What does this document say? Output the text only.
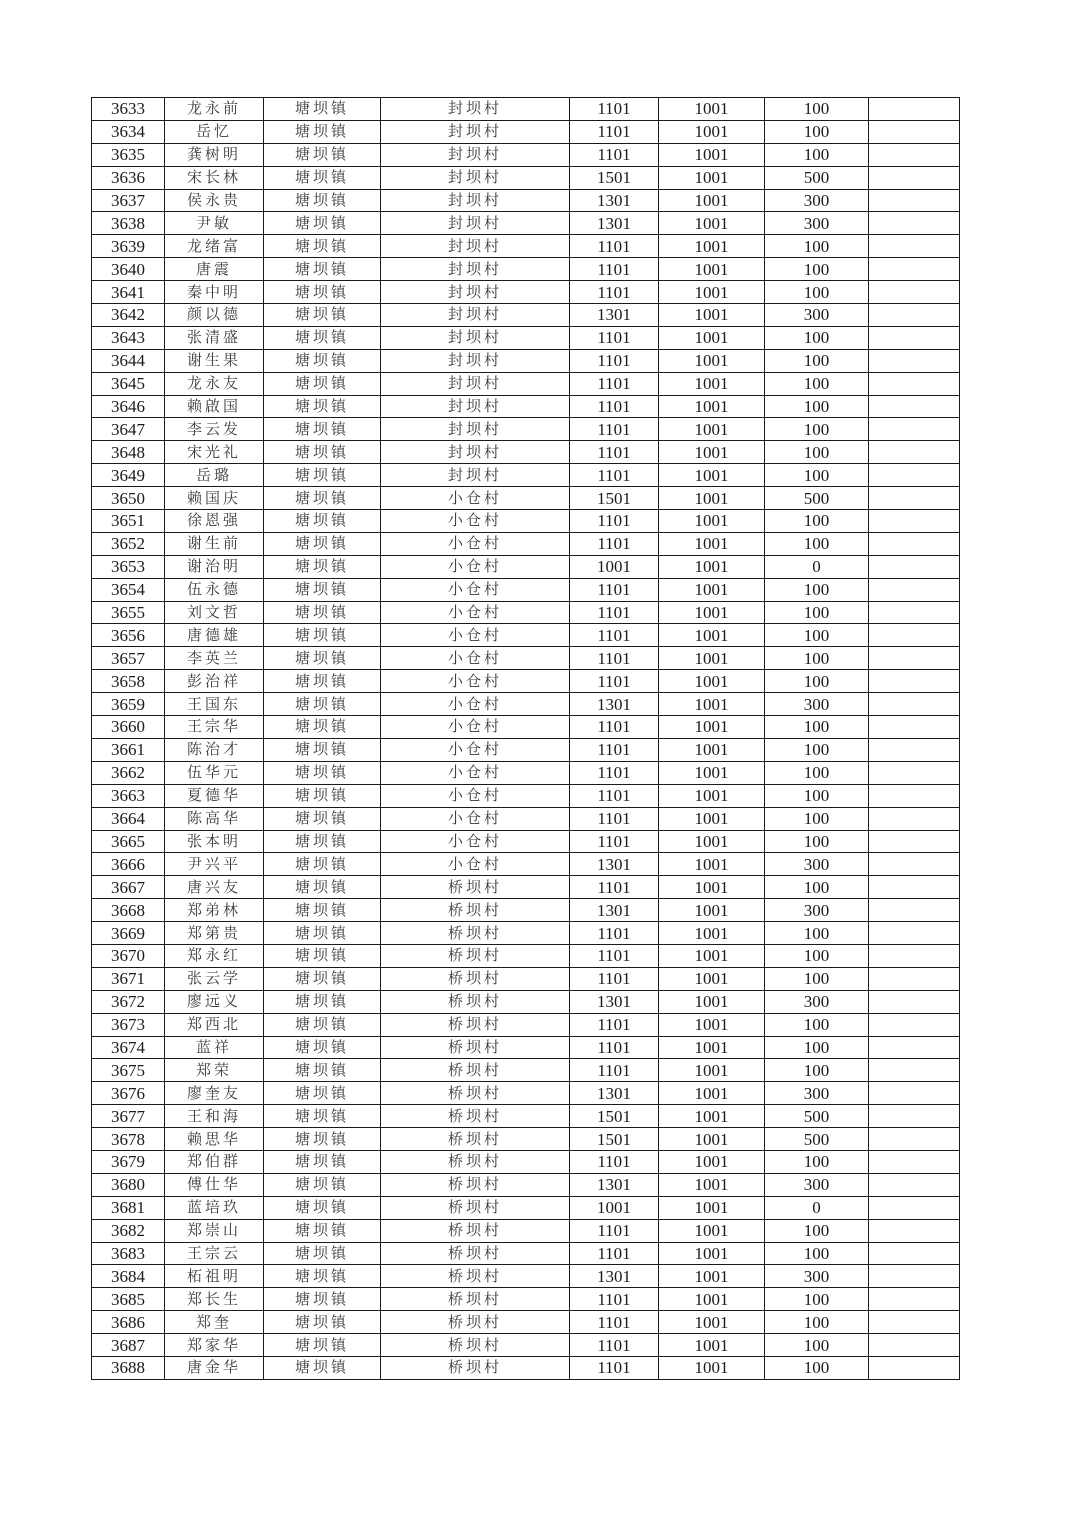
3633	龙永前	塘坝镇	封坝村	1101	1001	100	
3634	岳忆	塘坝镇	封坝村	1101	1001	100	
3635	龚树明	塘坝镇	封坝村	1101	1001	100	
3636	宋长林	塘坝镇	封坝村	1501	1001	500	
3637	侯永贵	塘坝镇	封坝村	1301	1001	300	
3638	尹敏	塘坝镇	封坝村	1301	1001	300	
3639	龙绪富	塘坝镇	封坝村	1101	1001	100	
3640	唐震	塘坝镇	封坝村	1101	1001	100	
3641	秦中明	塘坝镇	封坝村	1101	1001	100	
3642	颜以德	塘坝镇	封坝村	1301	1001	300	
3643	张清盛	塘坝镇	封坝村	1101	1001	100	
3644	谢生果	塘坝镇	封坝村	1101	1001	100	
3645	龙永友	塘坝镇	封坝村	1101	1001	100	
3646	赖啟国	塘坝镇	封坝村	1101	1001	100	
3647	李云发	塘坝镇	封坝村	1101	1001	100	
3648	宋光礼	塘坝镇	封坝村	1101	1001	100	
3649	岳璐	塘坝镇	封坝村	1101	1001	100	
3650	赖国庆	塘坝镇	小仓村	1501	1001	500	
3651	徐恩强	塘坝镇	小仓村	1101	1001	100	
3652	谢生前	塘坝镇	小仓村	1101	1001	100	
3653	谢治明	塘坝镇	小仓村	1001	1001	0	
3654	伍永德	塘坝镇	小仓村	1101	1001	100	
3655	刘文哲	塘坝镇	小仓村	1101	1001	100	
3656	唐德雄	塘坝镇	小仓村	1101	1001	100	
3657	李英兰	塘坝镇	小仓村	1101	1001	100	
3658	彭治祥	塘坝镇	小仓村	1101	1001	100	
3659	王国东	塘坝镇	小仓村	1301	1001	300	
3660	王宗华	塘坝镇	小仓村	1101	1001	100	
3661	陈治才	塘坝镇	小仓村	1101	1001	100	
3662	伍华元	塘坝镇	小仓村	1101	1001	100	
3663	夏德华	塘坝镇	小仓村	1101	1001	100	
3664	陈高华	塘坝镇	小仓村	1101	1001	100	
3665	张本明	塘坝镇	小仓村	1101	1001	100	
3666	尹兴平	塘坝镇	小仓村	1301	1001	300	
3667	唐兴友	塘坝镇	桥坝村	1101	1001	100	
3668	郑弟林	塘坝镇	桥坝村	1301	1001	300	
3669	郑第贵	塘坝镇	桥坝村	1101	1001	100	
3670	郑永红	塘坝镇	桥坝村	1101	1001	100	
3671	张云学	塘坝镇	桥坝村	1101	1001	100	
3672	廖远义	塘坝镇	桥坝村	1301	1001	300	
3673	郑西北	塘坝镇	桥坝村	1101	1001	100	
3674	蓝祥	塘坝镇	桥坝村	1101	1001	100	
3675	郑荣	塘坝镇	桥坝村	1101	1001	100	
3676	廖奎友	塘坝镇	桥坝村	1301	1001	300	
3677	王和海	塘坝镇	桥坝村	1501	1001	500	
3678	赖思华	塘坝镇	桥坝村	1501	1001	500	
3679	郑伯群	塘坝镇	桥坝村	1101	1001	100	
3680	傅仕华	塘坝镇	桥坝村	1301	1001	300	
3681	蓝培玖	塘坝镇	桥坝村	1001	1001	0	
3682	郑崇山	塘坝镇	桥坝村	1101	1001	100	
3683	王宗云	塘坝镇	桥坝村	1101	1001	100	
3684	柘祖明	塘坝镇	桥坝村	1301	1001	300	
3685	郑长生	塘坝镇	桥坝村	1101	1001	100	
3686	郑奎	塘坝镇	桥坝村	1101	1001	100	
3687	郑家华	塘坝镇	桥坝村	1101	1001	100	
3688	唐金华	塘坝镇	桥坝村	1101	1001	100	
